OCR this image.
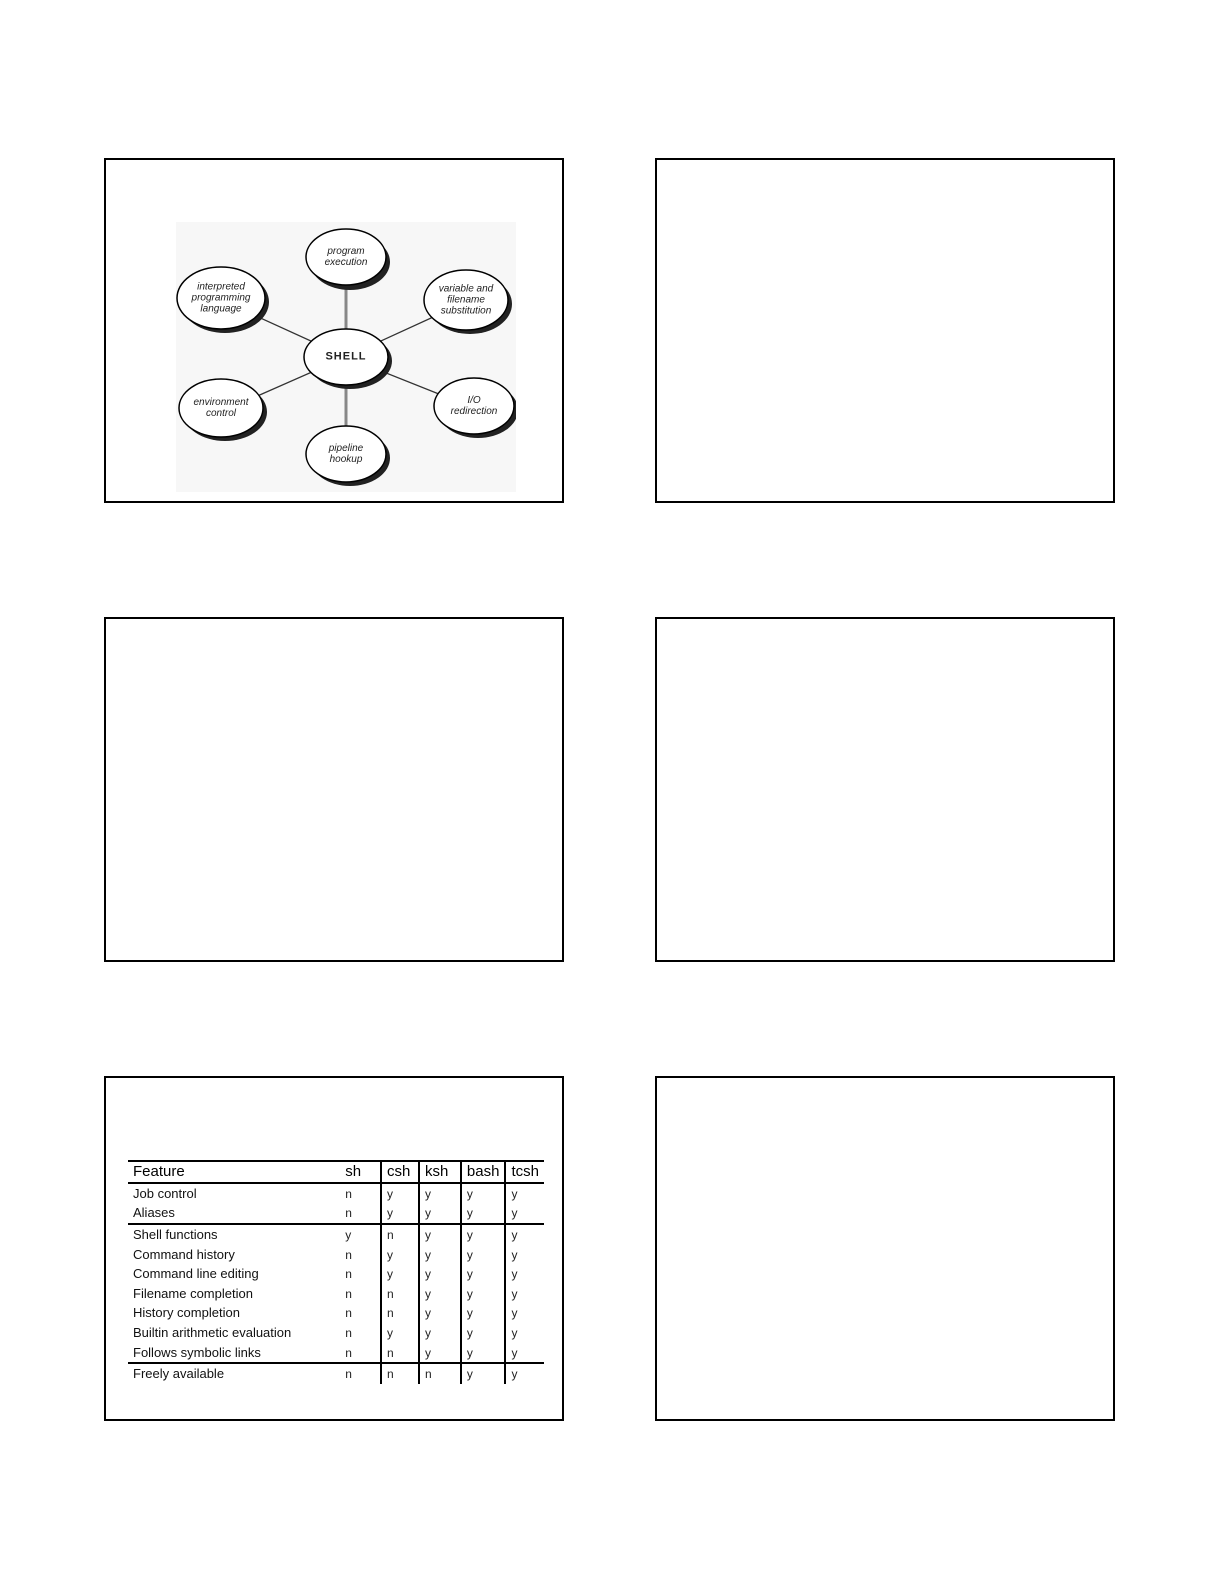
SHELL
program
execution
variable and
filename
substitution
I/O
redirection
pipeline
hookup
environment
control
interpreted
programming
language
Feature	sh	csh	ksh	bash	tcsh
Job control	n	y	y	y	y
Aliases	n	y	y	y	y
Shell functions	y	n	y	y	y
Command history	n	y	y	y	y
Command line editing	n	y	y	y	y
Filename completion	n	n	y	y	y
History completion	n	n	y	y	y
Builtin arithmetic evaluation	n	y	y	y	y
Follows symbolic links	n	n	y	y	y
Freely available	n	n	n	y	y
